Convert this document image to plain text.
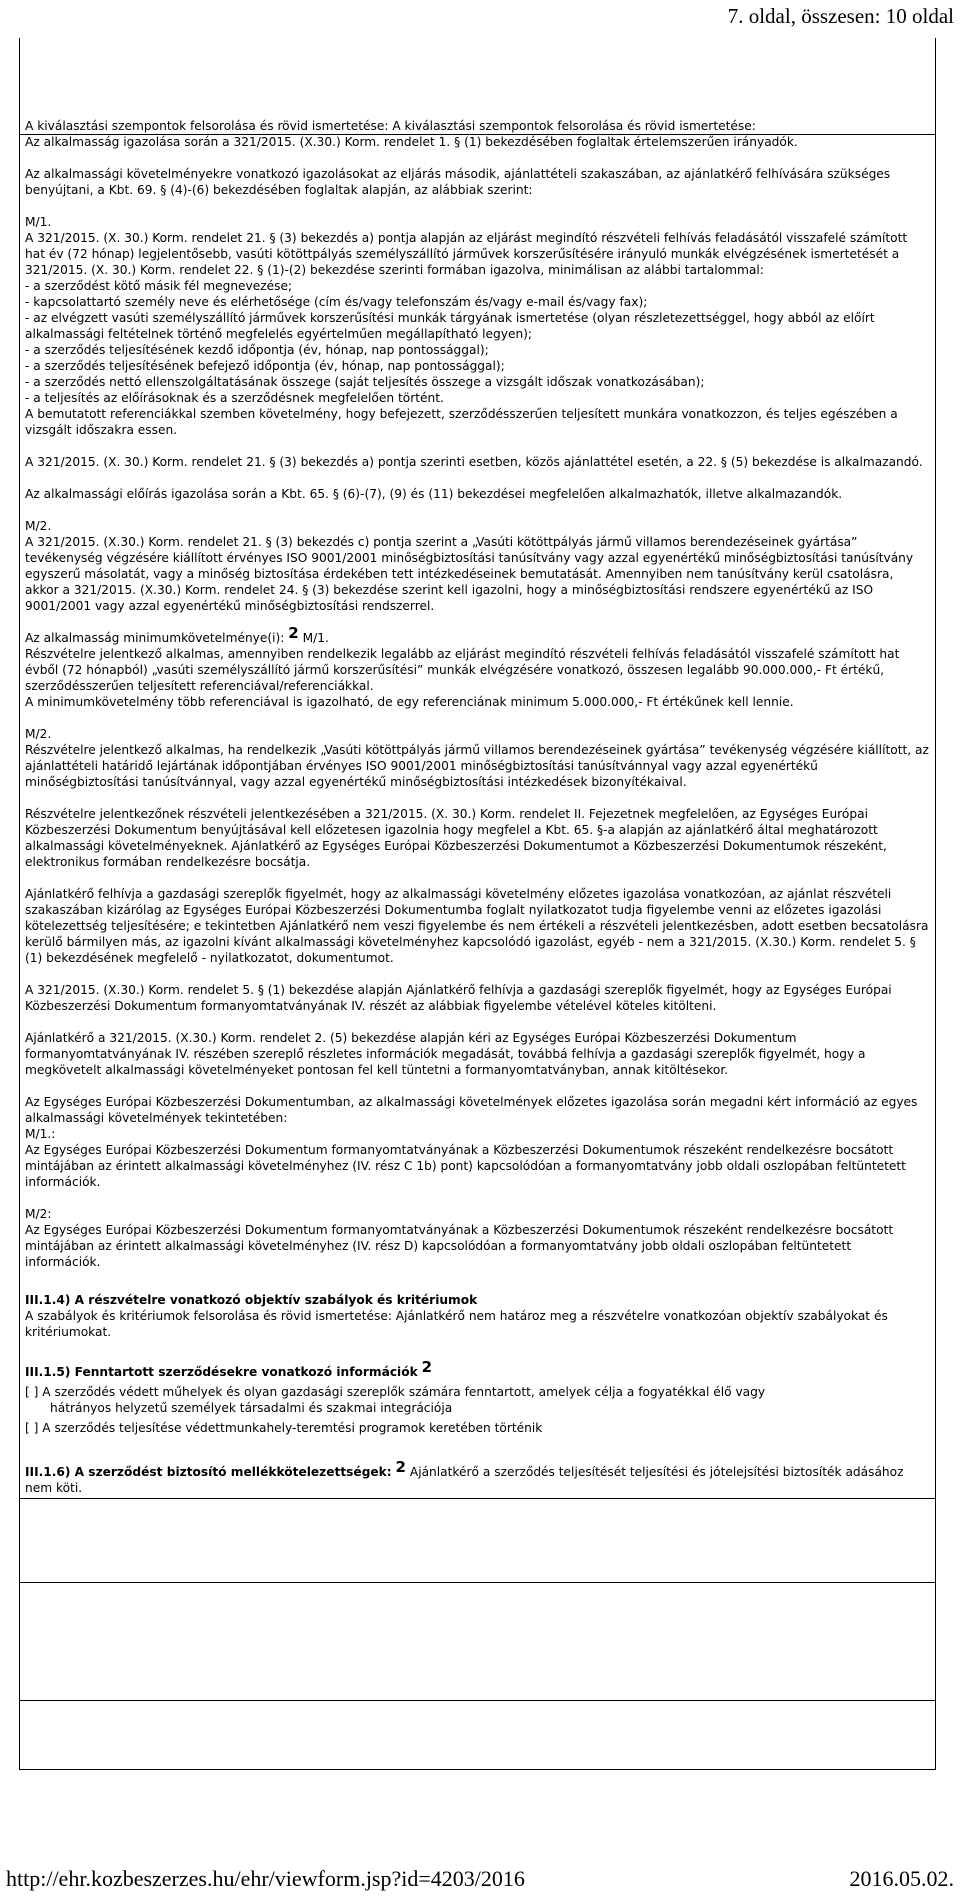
7. oldal, összesen: 10 oldal

A kiválasztási szempontok felsorolása és rövid ismertetése: A kiválasztási szempontok felsorolása és rövid ismertetése:
Az alkalmasság igazolása során a 321/2015. (X.30.) Korm. rendelet 1. § (1) bekezdésében foglaltak értelemszerűen irányadók.

Az alkalmassági követelményekre vonatkozó igazolásokat az eljárás második, ajánlattételi szakaszában, az ajánlatkérő felhívására szükséges benyújtani, a Kbt. 69. § (4)-(6) bekezdésében foglaltak alapján, az alábbiak szerint:

M/1.
A 321/2015. (X. 30.) Korm. rendelet 21. § (3) bekezdés a) pontja alapján az eljárást megindító részvételi felhívás feladásától visszafelé számított hat év (72 hónap) legjelentősebb, vasúti kötöttpályás személyszállító járművek korszerűsítésére irányuló munkák elvégzésének ismertetését a 321/2015. (X. 30.) Korm. rendelet 22. § (1)-(2) bekezdése szerinti formában igazolva, minimálisan az alábbi tartalommal:
- a szerződést kötő másik fél megnevezése;
- kapcsolattartó személy neve és elérhetősége (cím és/vagy telefonszám és/vagy e-mail és/vagy fax);
- az elvégzett vasúti személyszállító járművek korszerűsítési munkák tárgyának ismertetése (olyan részletezettséggel, hogy abból az előírt alkalmassági feltételnek történő megfelelés egyértelműen megállapítható legyen);
- a szerződés teljesítésének kezdő időpontja (év, hónap, nap pontossággal);
- a szerződés teljesítésének befejező időpontja (év, hónap, nap pontossággal);
- a szerződés nettó ellenszolgáltatásának összege (saját teljesítés összege a vizsgált időszak vonatkozásában);
- a teljesítés az előírásoknak és a szerződésnek megfelelően történt.
A bemutatott referenciákkal szemben követelmény, hogy befejezett, szerződésszerűen teljesített munkára vonatkozzon, és teljes egészében a vizsgált időszakra essen.

A 321/2015. (X. 30.) Korm. rendelet 21. § (3) bekezdés a) pontja szerinti esetben, közös ajánlattétel esetén, a 22. § (5) bekezdése is alkalmazandó.

Az alkalmassági előírás igazolása során a Kbt. 65. § (6)-(7), (9) és (11) bekezdései megfelelően alkalmazhatók, illetve alkalmazandók.

M/2.
A 321/2015. (X.30.) Korm. rendelet 21. § (3) bekezdés c) pontja szerint a „Vasúti kötöttpályás jármű villamos berendezéseinek gyártása” tevékenység végzésére kiállított érvényes ISO 9001/2001 minőségbiztosítási tanúsítvány vagy azzal egyenértékű minőségbiztosítási tanúsítvány egyszerű másolatát, vagy a minőség biztosítása érdekében tett intézkedéseinek bemutatását. Amennyiben nem tanúsítvány kerül csatolásra, akkor a 321/2015. (X.30.) Korm. rendelet 24. § (3) bekezdése szerint kell igazolni, hogy a minőségbiztosítási rendszere egyenértékű az ISO 9001/2001 vagy azzal egyenértékű minőségbiztosítási rendszerrel.

Az alkalmasság minimumkövetelménye(i): 2 M/1.
Részvételre jelentkező alkalmas, amennyiben rendelkezik legalább az eljárást megindító részvételi felhívás feladásától visszafelé számított hat évből (72 hónapból) „vasúti személyszállító jármű korszerűsítési” munkák elvégzésére vonatkozó, összesen legalább 90.000.000,- Ft értékű, szerződésszerűen teljesített referenciával/referenciákkal.
A minimumkövetelmény több referenciával is igazolható, de egy referenciának minimum 5.000.000,- Ft értékűnek kell lennie.

M/2.
Részvételre jelentkező alkalmas, ha rendelkezik „Vasúti kötöttpályás jármű villamos berendezéseinek gyártása” tevékenység végzésére kiállított, az ajánlattételi határidő lejártának időpontjában érvényes ISO 9001/2001 minőségbiztosítási tanúsítvánnyal vagy azzal egyenértékű minőségbiztosítási tanúsítvánnyal, vagy azzal egyenértékű minőségbiztosítási intézkedések bizonyítékaival.

Részvételre jelentkezőnek részvételi jelentkezésében a 321/2015. (X. 30.) Korm. rendelet II. Fejezetnek megfelelően, az Egységes Európai Közbeszerzési Dokumentum benyújtásával kell előzetesen igazolnia hogy megfelel a Kbt. 65. §-a alapján az ajánlatkérő által meghatározott alkalmassági követelményeknek. Ajánlatkérő az Egységes Európai Közbeszerzési Dokumentumot a Közbeszerzési Dokumentumok részeként, elektronikus formában rendelkezésre bocsátja.

Ajánlatkérő felhívja a gazdasági szereplők figyelmét, hogy az alkalmassági követelmény előzetes igazolása vonatkozóan, az ajánlat részvételi szakaszában kizárólag az Egységes Európai Közbeszerzési Dokumentumba foglalt nyilatkozatot tudja figyelembe venni az előzetes igazolási kötelezettség teljesítésére; e tekintetben Ajánlatkérő nem veszi figyelembe és nem értékeli a részvételi jelentkezésben, adott esetben becsatolásra kerülő bármilyen más, az igazolni kívánt alkalmassági követelményhez kapcsolódó igazolást, egyéb - nem a 321/2015. (X.30.) Korm. rendelet 5. § (1) bekezdésének megfelelő - nyilatkozatot, dokumentumot.

A 321/2015. (X.30.) Korm. rendelet 5. § (1) bekezdése alapján Ajánlatkérő felhívja a gazdasági szereplők figyelmét, hogy az Egységes Európai Közbeszerzési Dokumentum formanyomtatványának IV. részét az alábbiak figyelembe vételével köteles kitölteni.

Ajánlatkérő a 321/2015. (X.30.) Korm. rendelet 2. (5) bekezdése alapján kéri az Egységes Európai Közbeszerzési Dokumentum formanyomtatványának IV. részében szereplő részletes információk megadását, továbbá felhívja a gazdasági szereplők figyelmét, hogy a megkövetelt alkalmassági követelményeket pontosan fel kell tüntetni a formanyomtatványban, annak kitöltésekor.

Az Egységes Európai Közbeszerzési Dokumentumban, az alkalmassági követelmények előzetes igazolása során megadni kért információ az egyes alkalmassági követelmények tekintetében:
M/1.:
Az Egységes Európai Közbeszerzési Dokumentum formanyomtatványának a Közbeszerzési Dokumentumok részeként rendelkezésre bocsátott mintájában az érintett alkalmassági követelményhez (IV. rész C 1b) pont) kapcsolódóan a formanyomtatvány jobb oldali oszlopában feltüntetett információk.

M/2:
Az Egységes Európai Közbeszerzési Dokumentum formanyomtatványának a Közbeszerzési Dokumentumok részeként rendelkezésre bocsátott mintájában az érintett alkalmassági követelményhez (IV. rész D) kapcsolódóan a formanyomtatvány jobb oldali oszlopában feltüntetett információk.

III.1.4) A részvételre vonatkozó objektív szabályok és kritériumok
A szabályok és kritériumok felsorolása és rövid ismertetése: Ajánlatkérő nem határoz meg a részvételre vonatkozóan objektív szabályokat és kritériumokat.

III.1.5) Fenntartott szerződésekre vonatkozó információk 2

[ ] A szerződés védett műhelyek és olyan gazdasági szereplők számára fenntartott, amelyek célja a fogyatékkal élő vagy
hátrányos helyzetű személyek társadalmi és szakmai integrációja

[ ] A szerződés teljesítése védettmunkahely-teremtési programok keretében történik

III.1.6) A szerződést biztosító mellékkötelezettségek: 2 Ajánlatkérő a szerződés teljesítését teljesítési és jótelejsítési biztosíték adásához nem köti.

http://ehr.kozbeszerzes.hu/ehr/viewform.jsp?id=4203/2016	2016.05.02.
